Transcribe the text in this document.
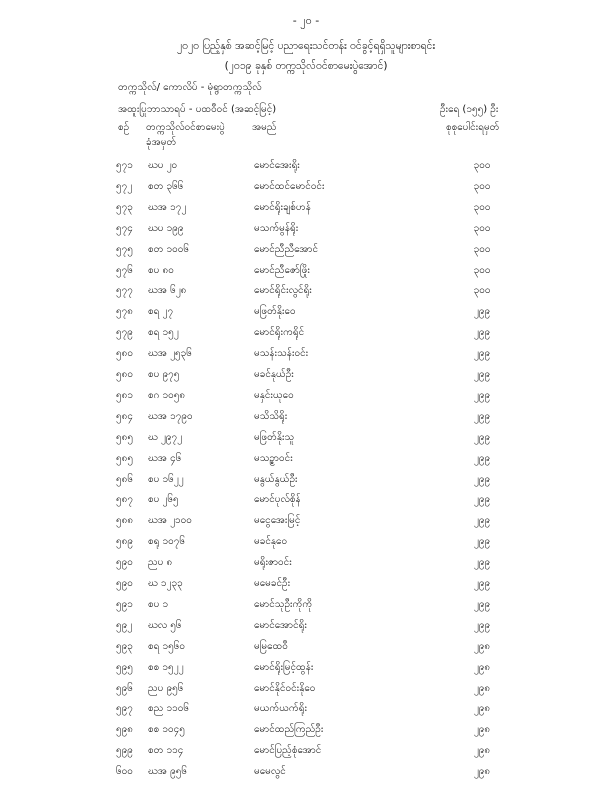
- ၂၀ -
၂၀၂၀ ပြည့်နှစ် အဆင့်မြင့် ပညာရေးသင်တန်း ဝင်ခွင့်ရရှိသူများစာရင်း
(၂၀၁၉ ခုနှစ် တက္ကသိုလ်ဝင်စာမေးပွဲအောင်)
တက္ကသိုလ်/ ကောလိပ် - မုံရွာတက္ကသိုလ်
အထူးပြုဘာသာရပ် - ပထဝီဝင် (အဆင့်မြင့်)	ဦးရေ (၁၅၅) ဦး
စဉ် တက္ကသိုလ်ဝင်စာမေးပွဲ
ခုံအမှတ်
အမည်	စုစုပေါင်းရမှတ်
၅၇၁	ဃပ ၂၀	မောင်အေးရိုး	၃၀၀
၅၇၂	စတ ၃၆၆	မောင်ထင်မောင်ဝင်း	၃၀၀
၅၇၃	ဃအ ၁၇၂	မောင်ရိုးချစ်ဟန်	၃၀၀
၅၇၄	ဃပ ၁၉၉	မသက်မွန်ရိုး	၃၀၀
၅၇၅	စတ ၁၀၀၆	မောင်ညီညီအောင်	၃၀၀
၅၇၆	စပ ၈၀	မောင်ညီဇော်ဖြိုး	၃၀၀
၅၇၇	ဃအ ၆၂၈	မောင်ရိုင်းလွင်ရိုး	၃၀၀
၅၇၈	စရ ၂၇	မဖြတ်နိုးဝေ	၂၉၉
၅၇၉	စရ ၁၅၂	မောင်ရိုးကရိုင်	၂၉၉
၅၈၀	ဃအ ၂၅၃၆	မသန်းသန်းဝင်း	၂၉၉
၅၈၀	စပ ၉၇၅	မခင်နုယ်ဦး	၂၉၉
၅၈၁	စဂ ၁၀၅၈	မနှင်းယုဝေ	၂၉၉
၅၈၄	ဃအ ၁၇၉၀	မသိသိရိုး	၂၉၉
၅၈၅	ဃ ၂၉၇၂	မဖြတ်နိုးသူ	၂၉၉
၅၈၅	ဃအ ၄၆	မသဥ္စာဝင်း	၂၉၉
၅၈၆	စပ ၁၆၂၂	မနွယ်နွယ်ဦး	၂၉၉
၅၈၇	စပ ၂၆၅	မောင်ပုလ်စိုန်	၂၉၉
၅၈၈	ဃအ ၂၁၀၀	မငွေအေးမြင့်	၂၉၉
၅၈၉	စရု ၁၀၇၆	မခင်နုဝေ	၂၉၉
၅၉၀	ညပ ၈	မရိုးဇာဝင်း	၂၉၉
၅၉၀	ဃ ၁၂၃၃	မမေခင်ဦး	၂၉၉
၅၉၁	စပ ၁	မောင်သုဦးကိုကို	၂၉၉
၅၉၂	ဃလ ၅၆	မောင်အောင်ရိုး	၂၉၉
၅၉၃	စရ ၁၅၆၀	မမြထေဝီ	၂၉၈
၅၉၅	စစ ၁၅၂၂	မောင်ရိုးမြင့်ထွန်း	၂၉၈
၅၉၆	ညပ ၉၅၆	မောင်နိုင်ဝင်းနိုဝေ	၂၉၈
၅၉၇	စည ၁၁၀၆	မယက်ယက်ရိုး	၂၉၈
၅၉၈	စစ ၁၀၄၅	မောင်ထည်ကြည်ဦး	၂၉၈
၅၉၉	စတ ၁၁၄	မောင်ပြည့်စုံအောင်	၂၉၈
၆၀၀	ဃအ ၉၅၆	မမေလွင်	၂၉၈
